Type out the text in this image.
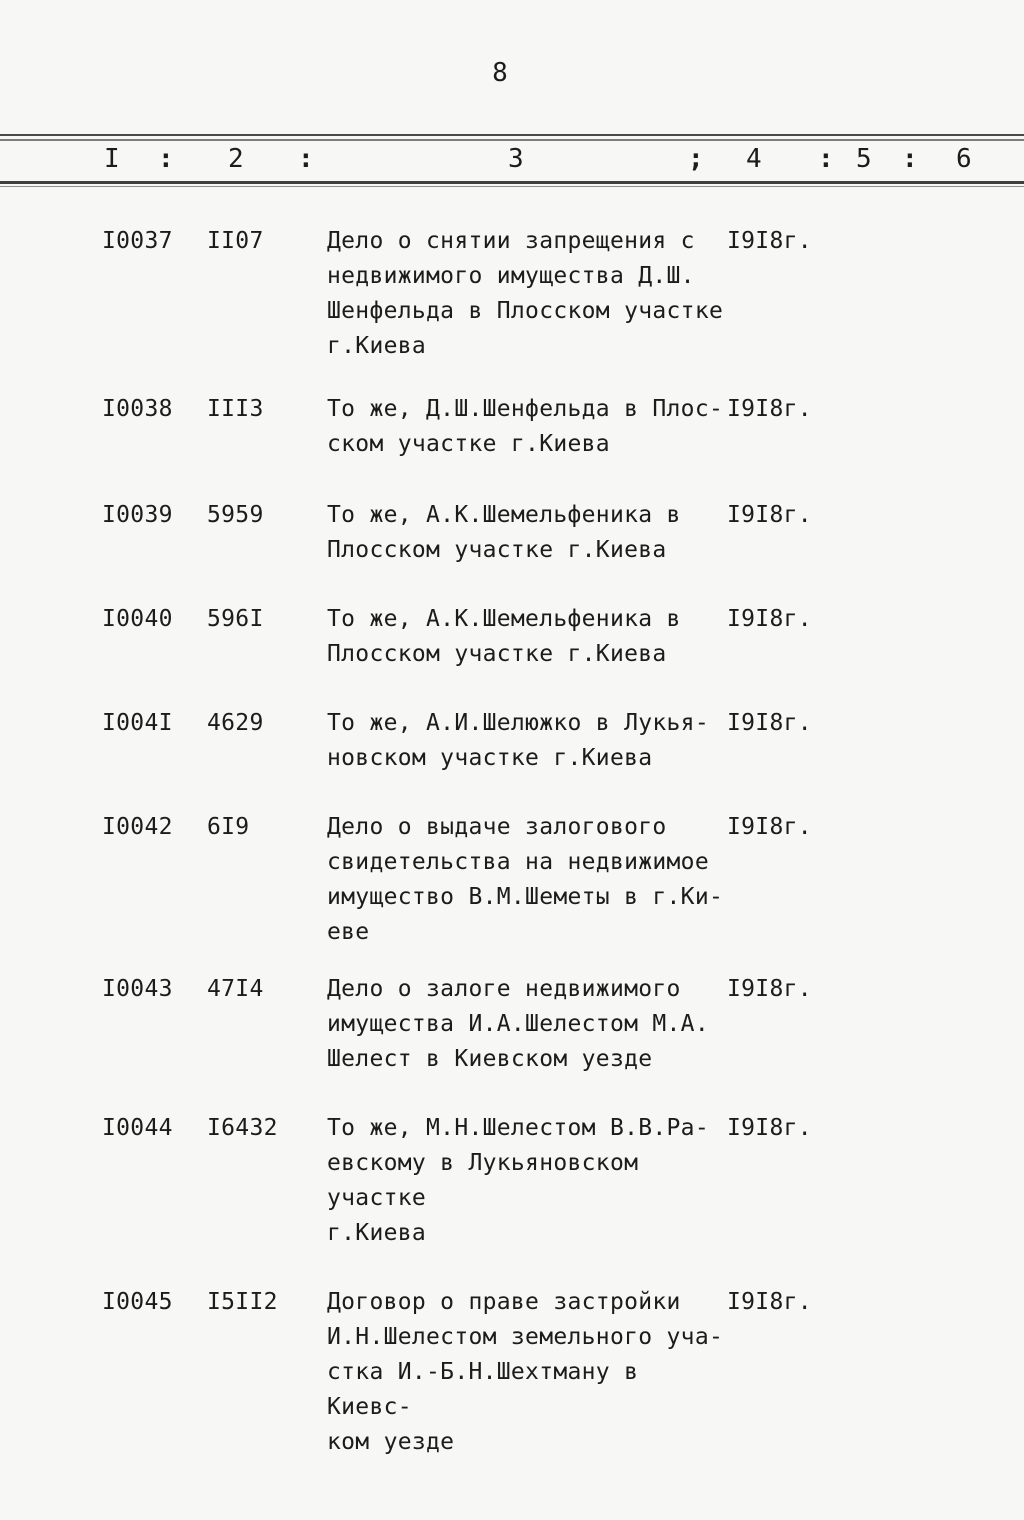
8
I : 2 :	3	; 4 : 5 : 6
I0037	II07	Дело о снятии запрещения с
недвижимого имущества Д.Ш.
Шенфельда в Плосском участке
г.Киева
I9I8г.
I0038	III3	То же, Д.Ш.Шенфельда в Плос-
ском участке г.Киева
I9I8г.
I0039	5959	То же, А.К.Шемельфеника в
Плосском участке г.Киева
I9I8г.
I0040	596I	То же, А.К.Шемельфеника в
Плосском участке г.Киева
I9I8г.
I004I	4629	То же, А.И.Шелюжко в Лукья-
новском участке г.Киева
I9I8г.
I0042	6I9	Дело о выдаче залогового
свидетельства на недвижимое
имущество В.М.Шеметы в г.Ки-
еве
I9I8г.
I0043	47I4	Дело о залоге недвижимого
имущества И.А.Шелестом М.А.
Шелест в Киевском уезде
I9I8г.
I0044	I6432	То же, М.Н.Шелестом В.В.Ра-
евскому в Лукьяновском участке
г.Киева
I9I8г.
I0045	I5II2	Договор о праве застройки
И.Н.Шелестом земельного уча-
стка И.-Б.Н.Шехтману в Киевс-
ком уезде
I9I8г.
